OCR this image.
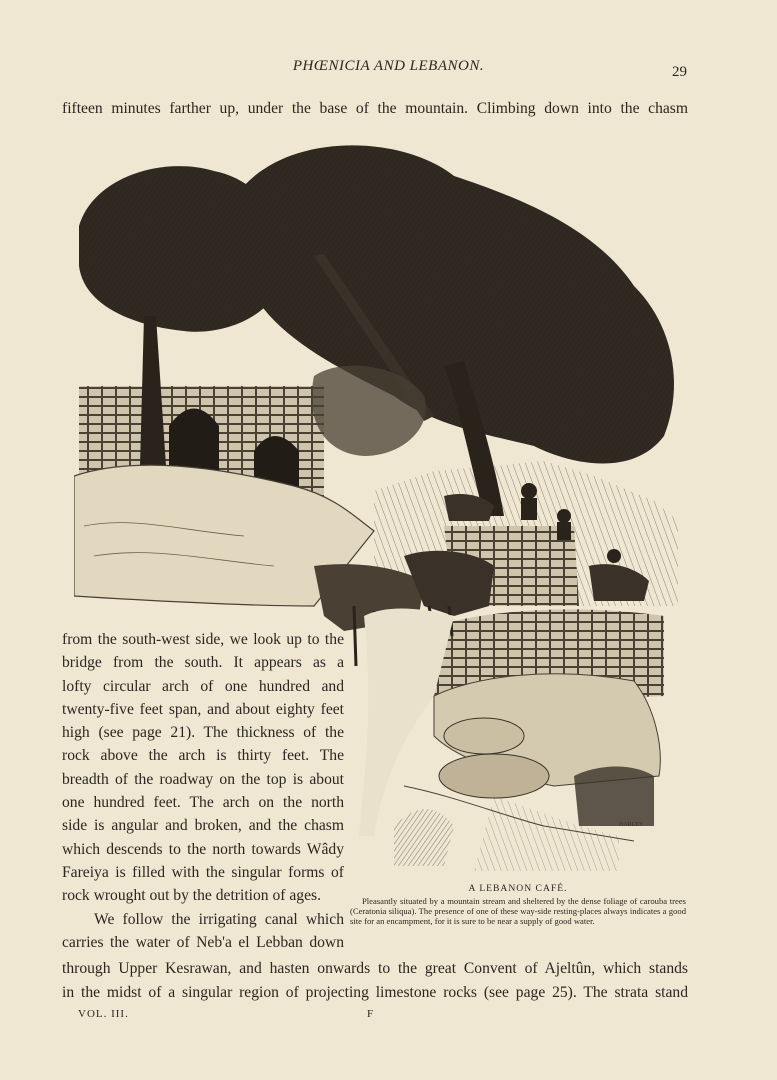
PHŒNICIA AND LEBANON.	29
fifteen minutes farther up, under the base of the mountain. Climbing down into the chasm
HARLEY
from the south-west side, we look up to the
bridge from the south. It appears as a
lofty circular arch of one hundred and
twenty-five feet span, and about eighty feet
high (see page 21). The thickness of the
rock above the arch is thirty feet. The
breadth of the roadway on the top is about
one hundred feet. The arch on the north
side is angular and broken, and the chasm
which descends to the north towards Wâdy
Fareiya is filled with the singular forms of
rock wrought out by the detrition of ages.
We follow the irrigating canal which
carries the water of Neb'a el Lebban down
A LEBANON CAFÉ.
Pleasantly situated by a mountain stream and sheltered by the dense foliage of carouba trees (Ceratonia siliqua). The presence of one of these way-side resting-places always indicates a good site for an encampment, for it is sure to be near a supply of good water.
through Upper Kesrawan, and hasten onwards to the great Convent of Ajeltûn, which stands
in the midst of a singular region of projecting limestone rocks (see page 25). The strata stand
VOL. III.	F
